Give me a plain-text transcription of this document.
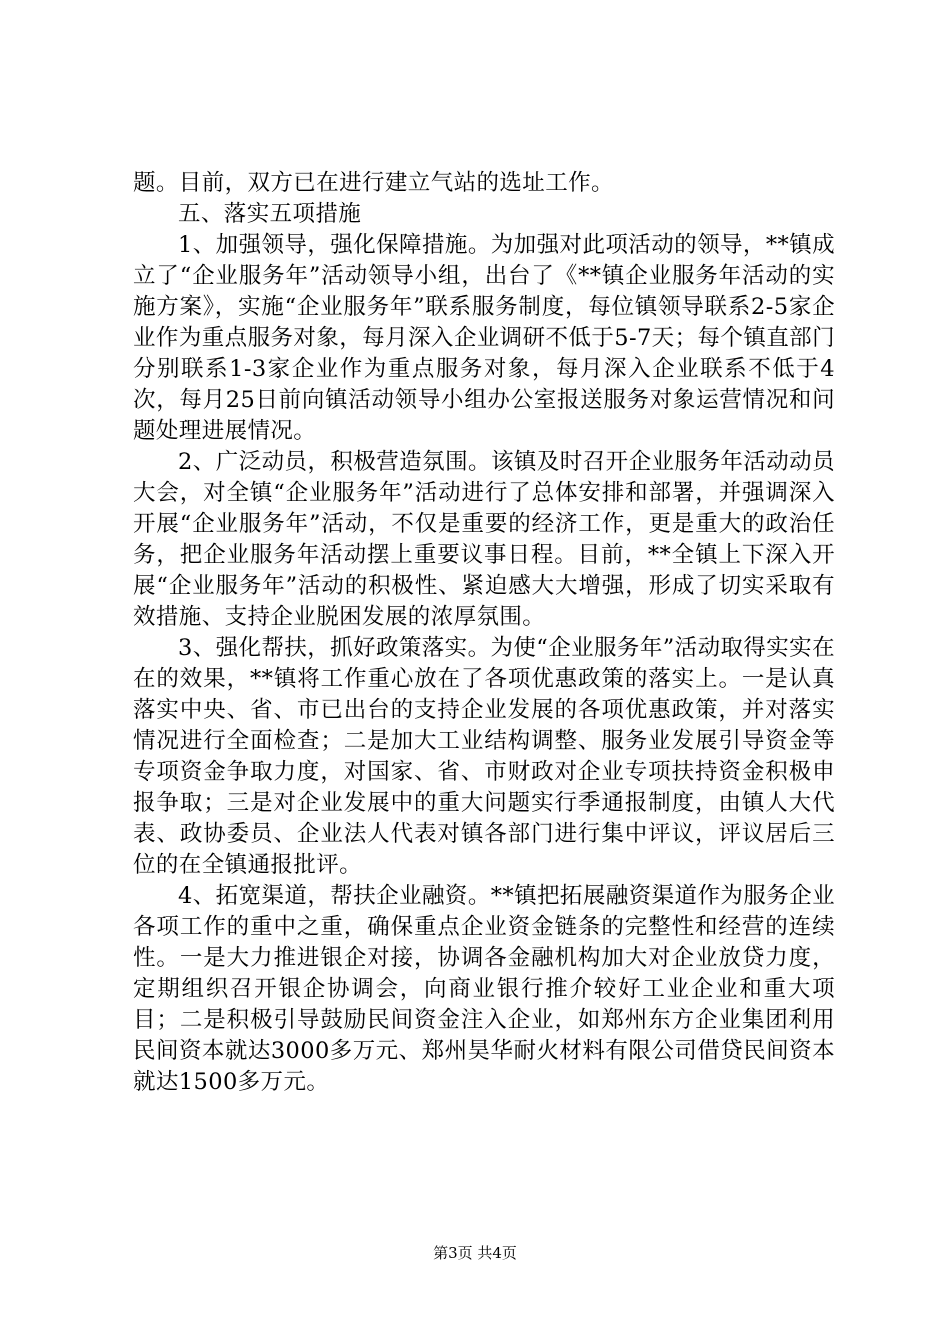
题。目前，双方已在进行建立气站的选址工作。

五、落实五项措施

1、加强领导，强化保障措施。为加强对此项活动的领导，**镇成立了“企业服务年”活动领导小组，出台了《**镇企业服务年活动的实施方案》，实施“企业服务年”联系服务制度，每位镇领导联系2-5家企业作为重点服务对象，每月深入企业调研不低于5-7天；每个镇直部门分别联系1-3家企业作为重点服务对象，每月深入企业联系不低于4次，每月25日前向镇活动领导小组办公室报送服务对象运营情况和问题处理进展情况。

2、广泛动员，积极营造氛围。该镇及时召开企业服务年活动动员大会，对全镇“企业服务年”活动进行了总体安排和部署，并强调深入开展“企业服务年”活动，不仅是重要的经济工作，更是重大的政治任务，把企业服务年活动摆上重要议事日程。目前，**全镇上下深入开展“企业服务年”活动的积极性、紧迫感大大增强，形成了切实采取有效措施、支持企业脱困发展的浓厚氛围。

3、强化帮扶，抓好政策落实。为使“企业服务年”活动取得实实在在的效果，**镇将工作重心放在了各项优惠政策的落实上。一是认真落实中央、省、市已出台的支持企业发展的各项优惠政策，并对落实情况进行全面检查；二是加大工业结构调整、服务业发展引导资金等专项资金争取力度，对国家、省、市财政对企业专项扶持资金积极申报争取；三是对企业发展中的重大问题实行季通报制度，由镇人大代表、政协委员、企业法人代表对镇各部门进行集中评议，评议居后三位的在全镇通报批评。

4、拓宽渠道，帮扶企业融资。**镇把拓展融资渠道作为服务企业各项工作的重中之重，确保重点企业资金链条的完整性和经营的连续性。一是大力推进银企对接，协调各金融机构加大对企业放贷力度，定期组织召开银企协调会，向商业银行推介较好工业企业和重大项目；二是积极引导鼓励民间资金注入企业，如郑州东方企业集团利用民间资本就达3000多万元、郑州昊华耐火材料有限公司借贷民间资本就达1500多万元。

第3页 共4页
